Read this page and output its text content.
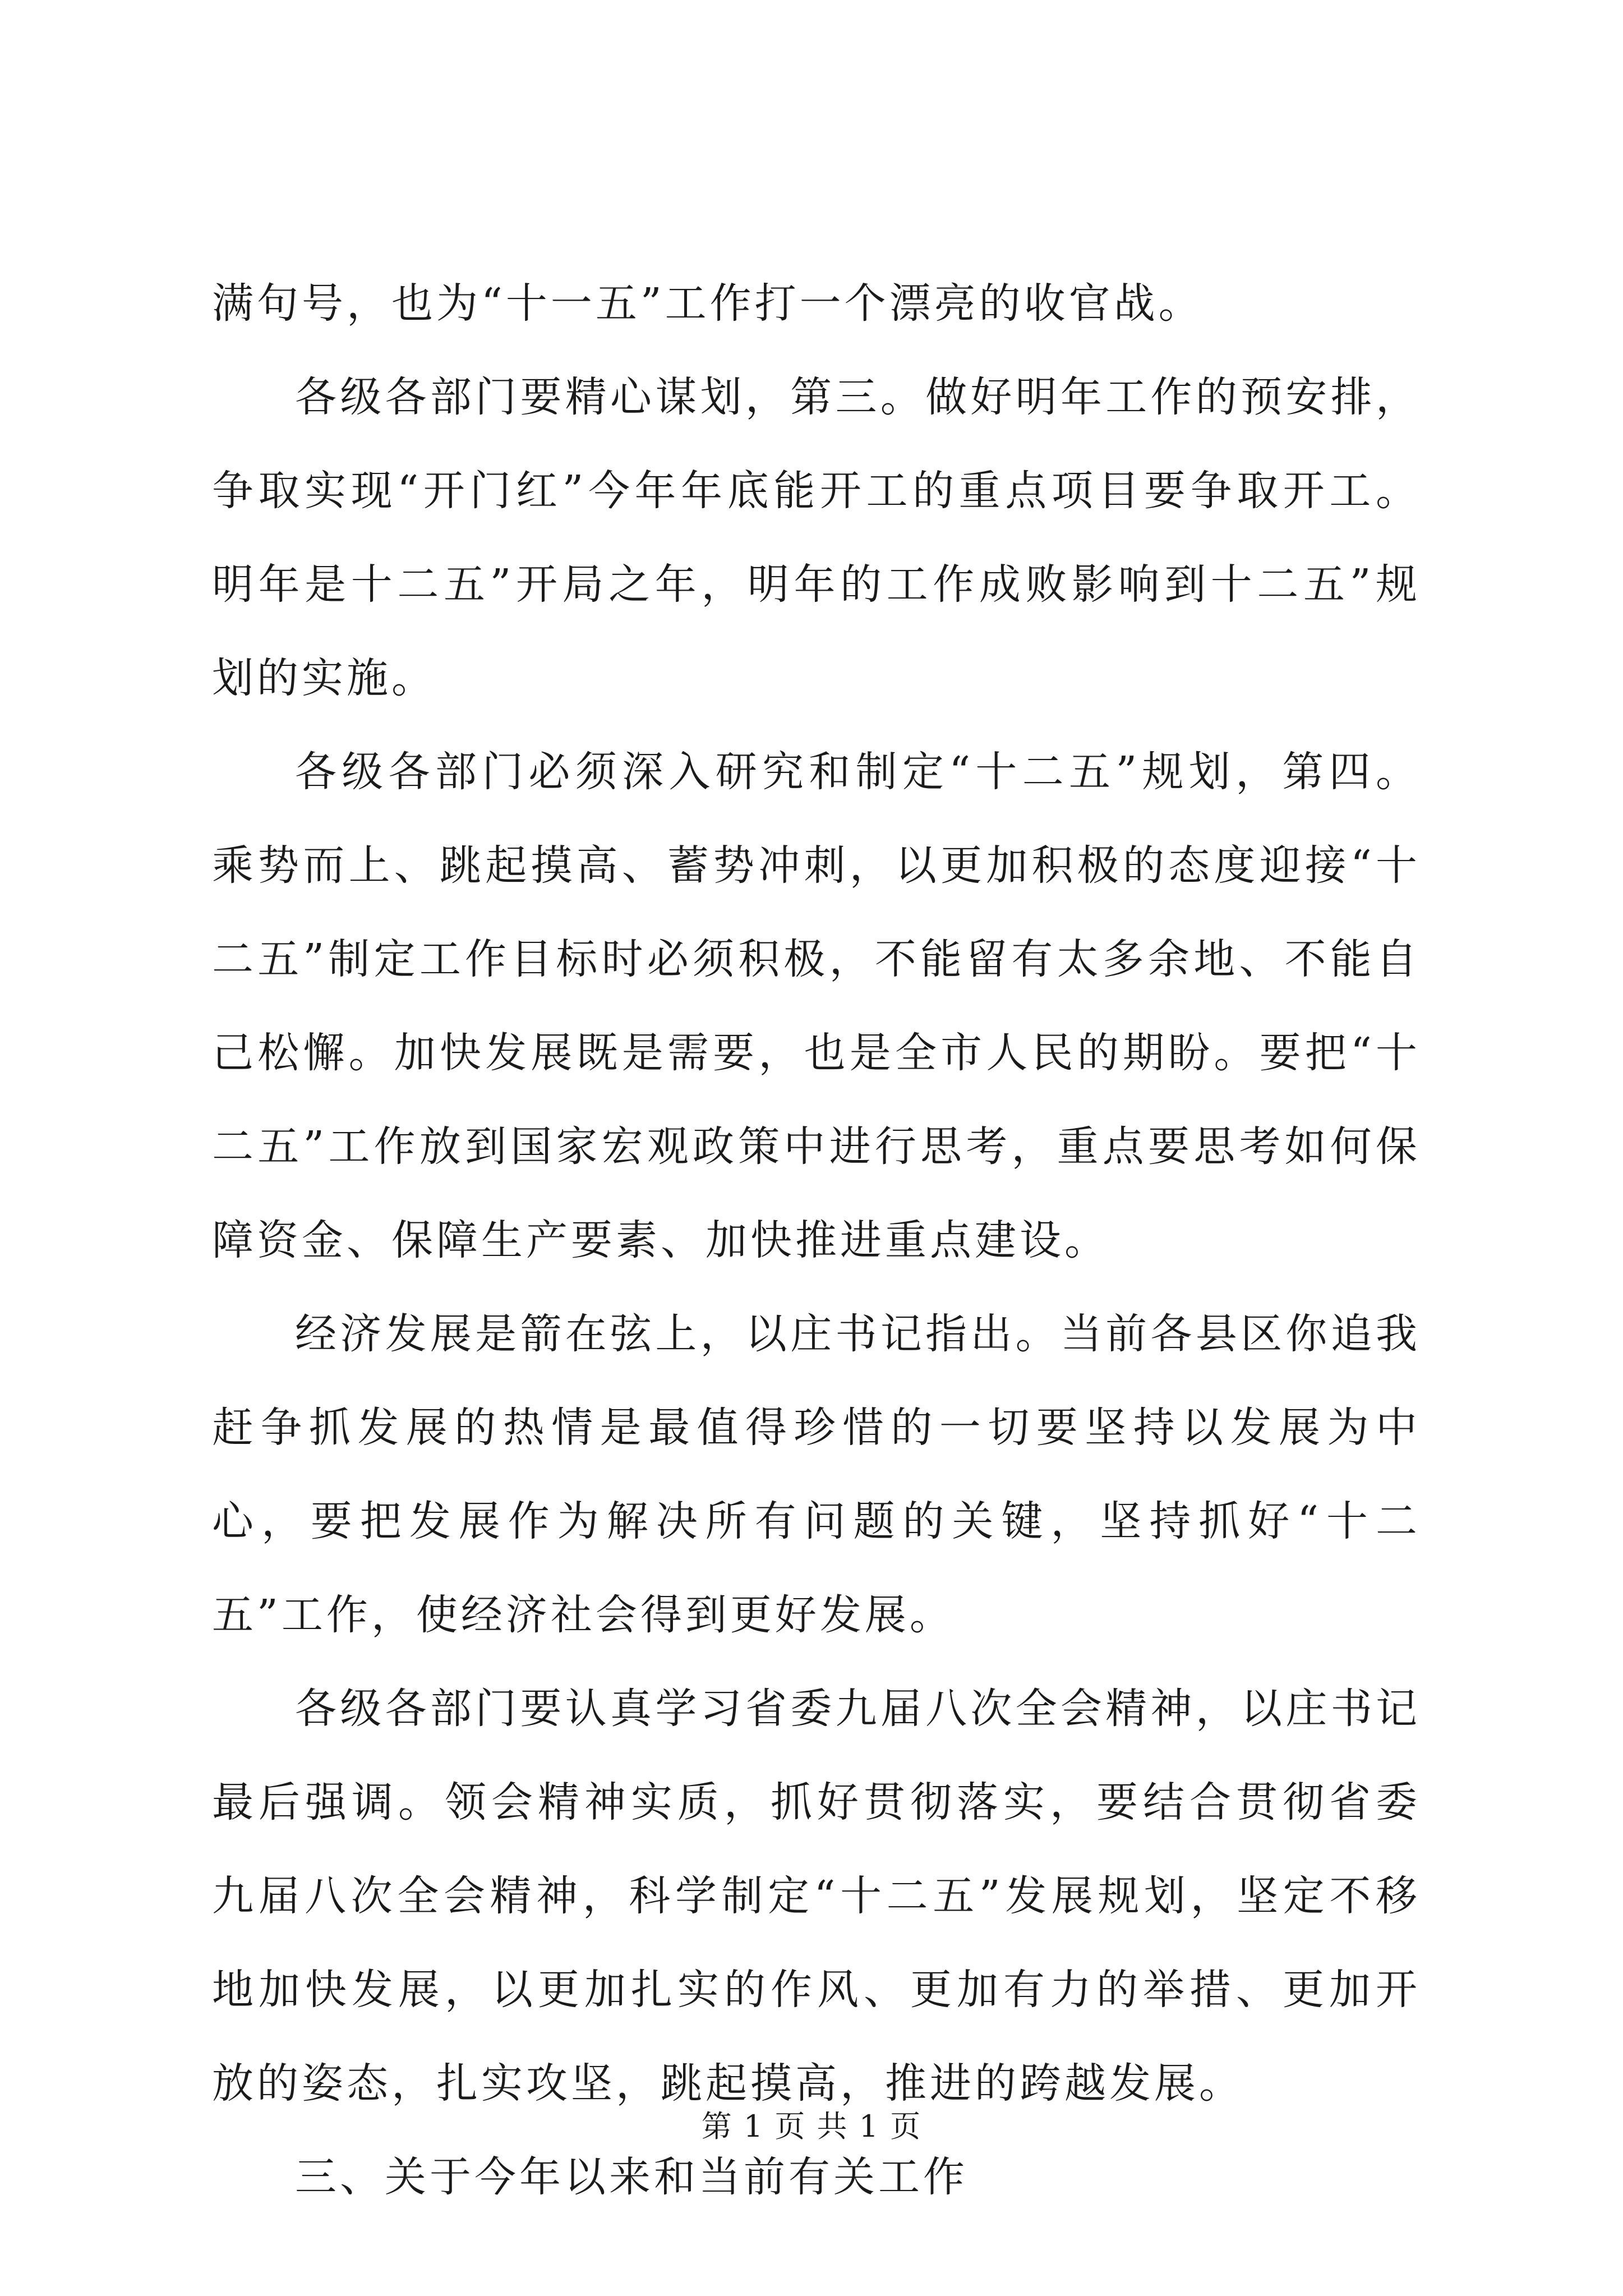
满句号，也为“十一五”工作打一个漂亮的收官战。

各级各部门要精心谋划，第三。做好明年工作的预安排，争取实现“开门红”今年年底能开工的重点项目要争取开工。明年是十二五”开局之年，明年的工作成败影响到十二五”规划的实施。

各级各部门必须深入研究和制定“十二五”规划，第四。乘势而上、跳起摸高、蓄势冲刺，以更加积极的态度迎接“十二五”制定工作目标时必须积极，不能留有太多余地、不能自己松懈。加快发展既是需要，也是全市人民的期盼。要把“十二五”工作放到国家宏观政策中进行思考，重点要思考如何保障资金、保障生产要素、加快推进重点建设。

经济发展是箭在弦上，以庄书记指出。当前各县区你追我赶争抓发展的热情是最值得珍惜的一切要坚持以发展为中心，要把发展作为解决所有问题的关键，坚持抓好“十二五”工作，使经济社会得到更好发展。

各级各部门要认真学习省委九届八次全会精神，以庄书记最后强调。领会精神实质，抓好贯彻落实，要结合贯彻省委九届八次全会精神，科学制定“十二五”发展规划，坚定不移地加快发展，以更加扎实的作风、更加有力的举措、更加开放的姿态，扎实攻坚，跳起摸高，推进的跨越发展。

三、关于今年以来和当前有关工作

第 1 页 共 1 页
